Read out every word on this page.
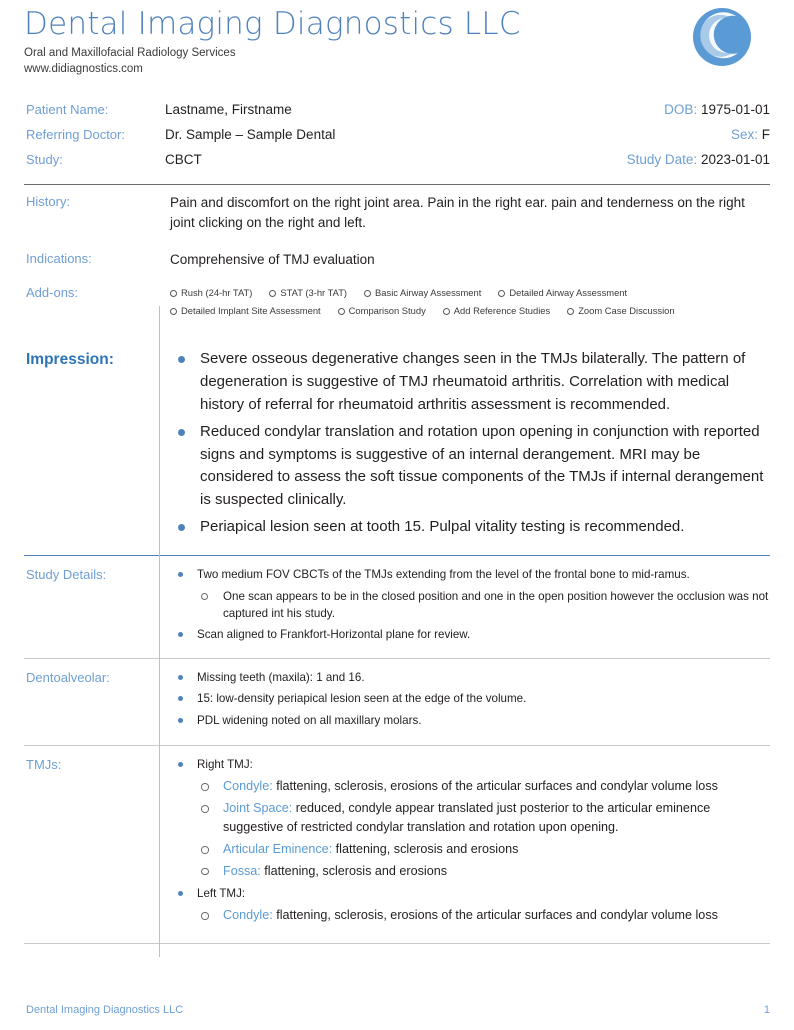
Dental Imaging Diagnostics LLC
Oral and Maxillofacial Radiology Services
www.didiagnostics.com
Patient Name:	Lastname, Firstname	DOB: 1975-01-01
Referring Doctor:	Dr. Sample – Sample Dental	Sex: F
Study:	CBCT	Study Date: 2023-01-01
History:	Pain and discomfort on the right joint area. Pain in the right ear. pain and tenderness on the right joint clicking on the right and left.
Indications:	Comprehensive of TMJ evaluation
Add-ons:	Rush (24-hr TAT)	STAT (3-hr TAT)	Basic Airway Assessment	Detailed Airway Assessment
Detailed Implant Site Assessment	Comparison Study	Add Reference Studies	Zoom Case Discussion
Impression:	Severe osseous degenerative changes seen in the TMJs bilaterally. The pattern of degeneration is suggestive of TMJ rheumatoid arthritis. Correlation with medical history of referral for rheumatoid arthritis assessment is recommended.
Reduced condylar translation and rotation upon opening in conjunction with reported signs and symptoms is suggestive of an internal derangement. MRI may be considered to assess the soft tissue components of the TMJs if internal derangement is suspected clinically.
Periapical lesion seen at tooth 15. Pulpal vitality testing is recommended.
Study Details:	Two medium FOV CBCTs of the TMJs extending from the level of the frontal bone to mid-ramus.
One scan appears to be in the closed position and one in the open position however the occlusion was not captured int his study.
Scan aligned to Frankfort-Horizontal plane for review.
Dentoalveolar:	Missing teeth (maxila): 1 and 16.
15: low-density periapical lesion seen at the edge of the volume.
PDL widening noted on all maxillary molars.
TMJs:	Right TMJ:
Condyle: flattening, sclerosis, erosions of the articular surfaces and condylar volume loss
Joint Space: reduced, condyle appear translated just posterior to the articular eminence suggestive of restricted condylar translation and rotation upon opening.
Articular Eminence: flattening, sclerosis and erosions
Fossa: flattening, sclerosis and erosions
Left TMJ:
Condyle: flattening, sclerosis, erosions of the articular surfaces and condylar volume loss
Dental Imaging Diagnostics LLC	1
